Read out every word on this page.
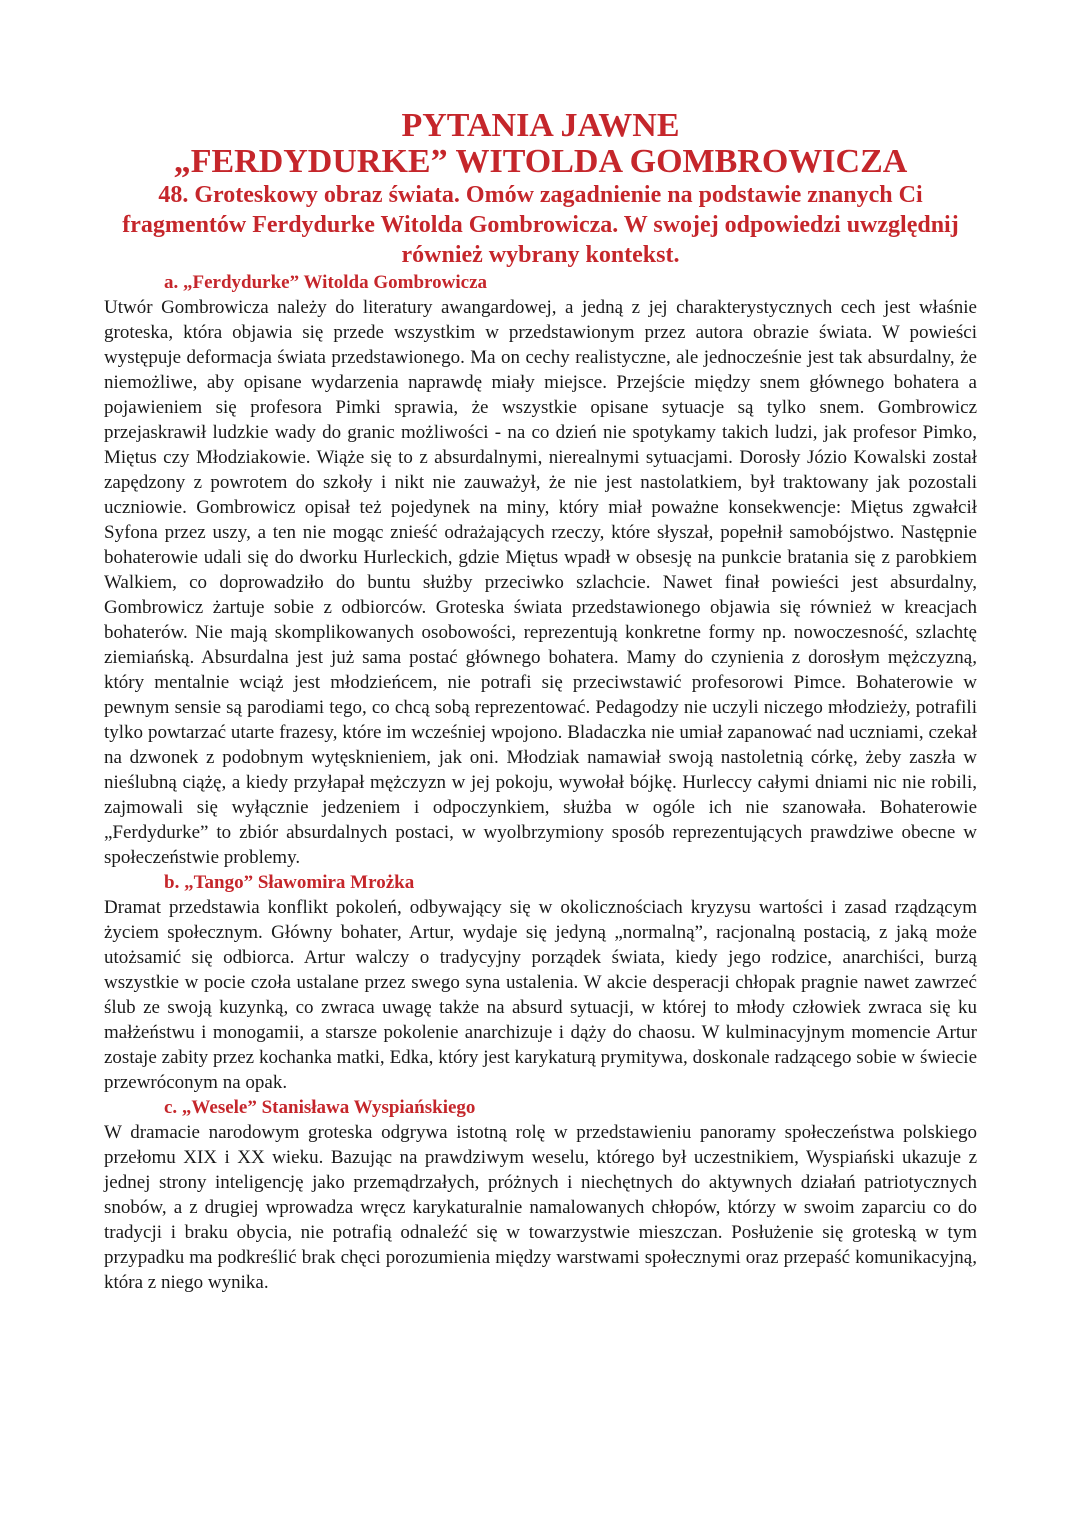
PYTANIA JAWNE
„FERDYDURKE” WITOLDA GOMBROWICZA
48. Groteskowy obraz świata. Omów zagadnienie na podstawie znanych Ci fragmentów Ferdydurke Witolda Gombrowicza. W swojej odpowiedzi uwzględnij również wybrany kontekst.
a. „Ferdydurke” Witolda Gombrowicza

Utwór Gombrowicza należy do literatury awangardowej, a jedną z jej charakterystycznych cech jest właśnie groteska, która objawia się przede wszystkim w przedstawionym przez autora obrazie świata. W powieści występuje deformacja świata przedstawionego. Ma on cechy realistyczne, ale jednocześnie jest tak absurdalny, że niemożliwe, aby opisane wydarzenia naprawdę miały miejsce. Przejście między snem głównego bohatera a pojawieniem się profesora Pimki sprawia, że wszystkie opisane sytuacje są tylko snem. Gombrowicz przejaskrawił ludzkie wady do granic możliwości - na co dzień nie spotykamy takich ludzi, jak profesor Pimko, Miętus czy Młodziakowie. Wiąże się to z absurdalnymi, nierealnymi sytuacjami. Dorosły Józio Kowalski został zapędzony z powrotem do szkoły i nikt nie zauważył, że nie jest nastolatkiem, był traktowany jak pozostali uczniowie. Gombrowicz opisał też pojedynek na miny, który miał poważne konsekwencje: Miętus zgwałcił Syfona przez uszy, a ten nie mogąc znieść odrażających rzeczy, które słyszał, popełnił samobójstwo. Następnie bohaterowie udali się do dworku Hurleckich, gdzie Miętus wpadł w obsesję na punkcie bratania się z parobkiem Walkiem, co doprowadziło do buntu służby przeciwko szlachcie. Nawet finał powieści jest absurdalny, Gombrowicz żartuje sobie z odbiorców. Groteska świata przedstawionego objawia się również w kreacjach bohaterów. Nie mają skomplikowanych osobowości, reprezentują konkretne formy np. nowoczesność, szlachtę ziemiańską. Absurdalna jest już sama postać głównego bohatera. Mamy do czynienia z dorosłym mężczyzną, który mentalnie wciąż jest młodzieńcem, nie potrafi się przeciwstawić profesorowi Pimce. Bohaterowie w pewnym sensie są parodiami tego, co chcą sobą reprezentować. Pedagodzy nie uczyli niczego młodzieży, potrafili tylko powtarzać utarte frazesy, które im wcześniej wpojono. Bladaczka nie umiał zapanować nad uczniami, czekał na dzwonek z podobnym wytęsknieniem, jak oni. Młodziak namawiał swoją nastoletnią córkę, żeby zaszła w nieślubną ciążę, a kiedy przyłapał mężczyzn w jej pokoju, wywołał bójkę. Hurleccy całymi dniami nic nie robili, zajmowali się wyłącznie jedzeniem i odpoczynkiem, służba w ogóle ich nie szanowała. Bohaterowie „Ferdydurke” to zbiór absurdalnych postaci, w wyolbrzymiony sposób reprezentujących prawdziwe obecne w społeczeństwie problemy.

b. „Tango” Sławomira Mrożka

Dramat przedstawia konflikt pokoleń, odbywający się w okolicznościach kryzysu wartości i zasad rządzącym życiem społecznym. Główny bohater, Artur, wydaje się jedyną „normalną”, racjonalną postacią, z jaką może utożsamić się odbiorca. Artur walczy o tradycyjny porządek świata, kiedy jego rodzice, anarchiści, burzą wszystkie w pocie czoła ustalane przez swego syna ustalenia. W akcie desperacji chłopak pragnie nawet zawrzeć ślub ze swoją kuzynką, co zwraca uwagę także na absurd sytuacji, w której to młody człowiek zwraca się ku małżeństwu i monogamii, a starsze pokolenie anarchizuje i dąży do chaosu. W kulminacyjnym momencie Artur zostaje zabity przez kochanka matki, Edka, który jest karykaturą prymitywa, doskonale radzącego sobie w świecie przewróconym na opak.

c. „Wesele” Stanisława Wyspiańskiego

W dramacie narodowym groteska odgrywa istotną rolę w przedstawieniu panoramy społeczeństwa polskiego przełomu XIX i XX wieku. Bazując na prawdziwym weselu, którego był uczestnikiem, Wyspiański ukazuje z jednej strony inteligencję jako przemądrzałych, próżnych i niechętnych do aktywnych działań patriotycznych snobów, a z drugiej wprowadza wręcz karykaturalnie namalowanych chłopów, którzy w swoim zaparciu co do tradycji i braku obycia, nie potrafią odnaleźć się w towarzystwie mieszczan. Posłużenie się groteską w tym przypadku ma podkreślić brak chęci porozumienia między warstwami społecznymi oraz przepaść komunikacyjną, która z niego wynika.
